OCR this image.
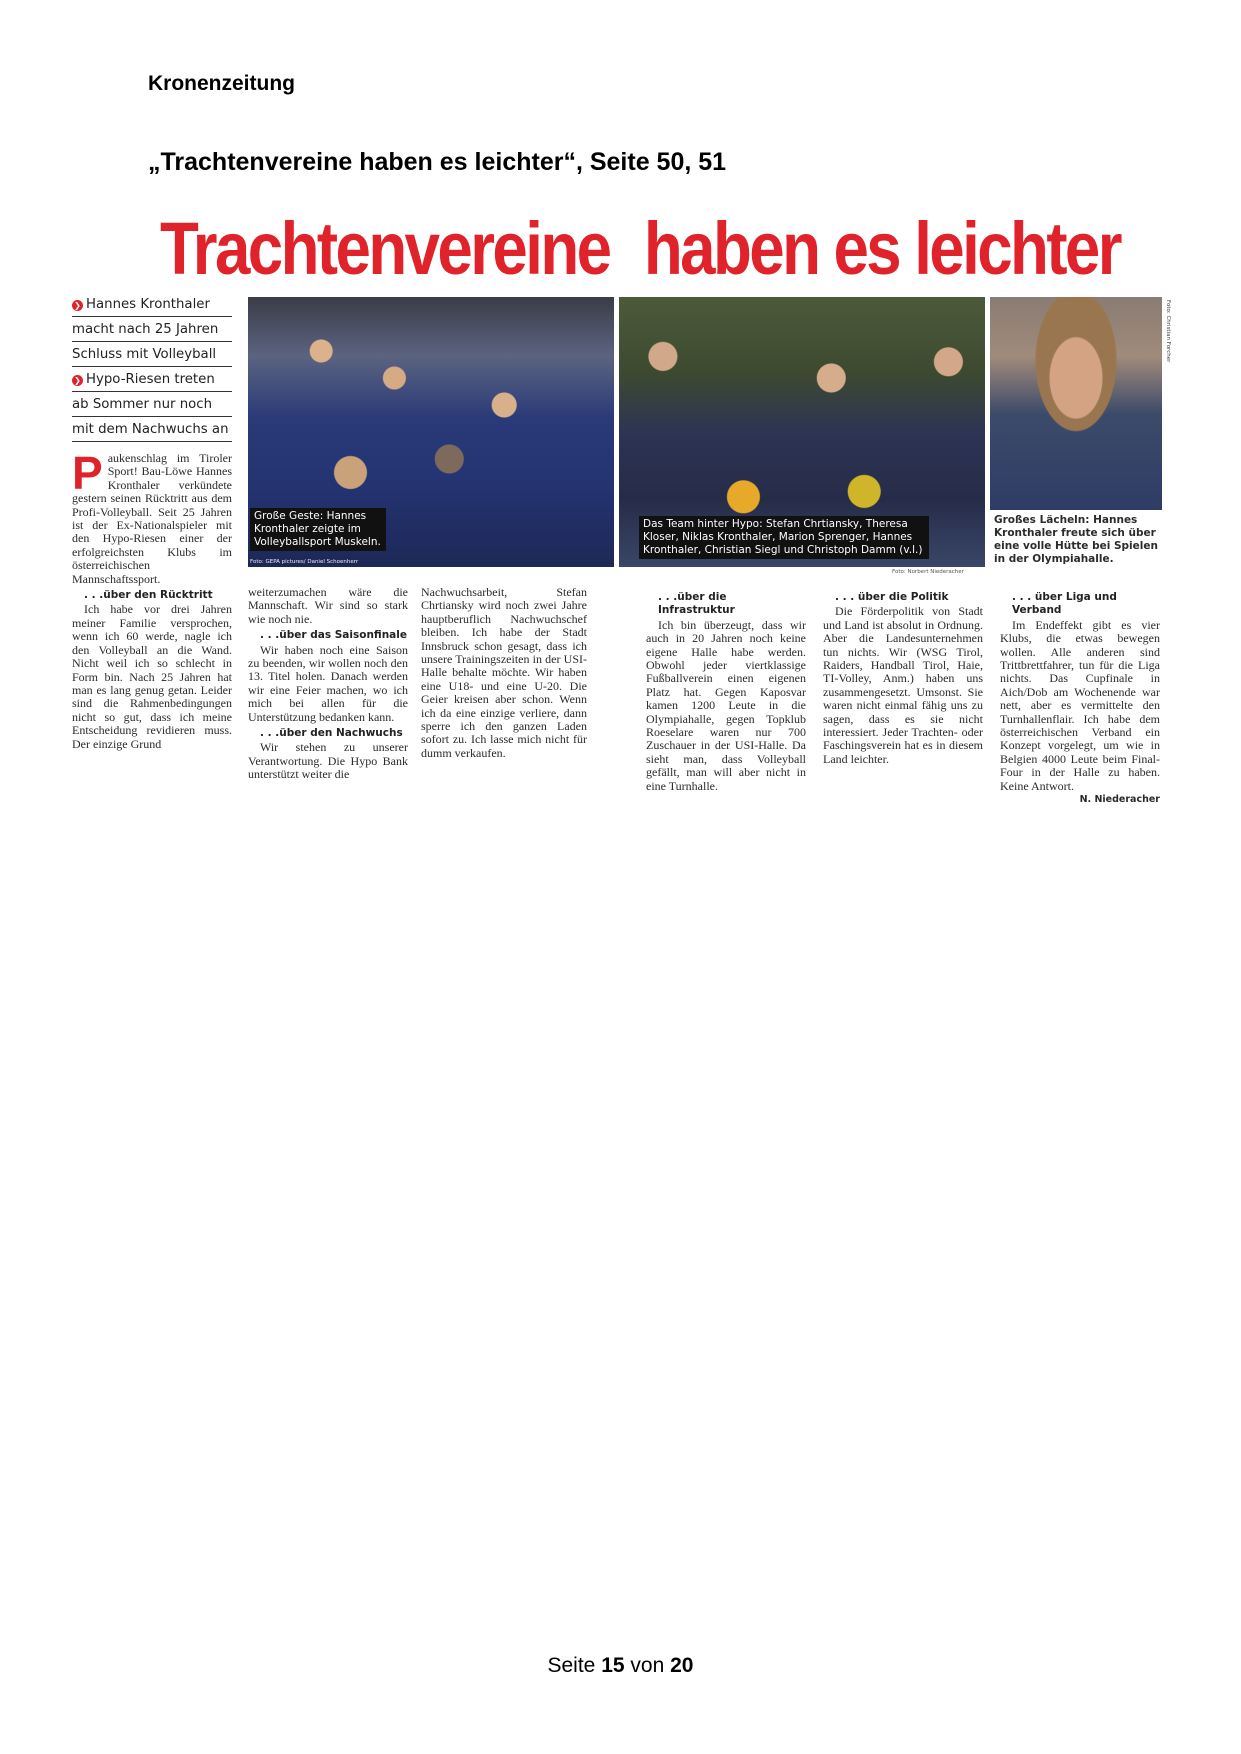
Kronenzeitung
„Trachtenvereine haben es leichter“, Seite 50, 51
Trachtenvereine haben es leichter
❯ Hannes Kronthaler
macht nach 25 Jahren
Schluss mit Volleyball
❯ Hypo-Riesen treten
ab Sommer nur noch
mit dem Nachwuchs an

Paukenschlag im Tiroler Sport! Bau-Löwe Hannes Kronthaler verkündete gestern seinen Rücktritt aus dem Profi-Volleyball. Seit 25 Jahren ist der Ex-Nationalspieler mit den Hypo-Riesen einer der erfolgreichsten Klubs im österreichischen Mannschaftssport.

. . .über den Rücktritt

Ich habe vor drei Jahren meiner Familie versprochen, wenn ich 60 werde, nagle ich den Volleyball an die Wand. Nicht weil ich so schlecht in Form bin. Nach 25 Jahren hat man es lang genug getan. Leider sind die Rahmenbedingungen nicht so gut, dass ich meine Entscheidung revidieren muss. Der einzige Grund

Große Geste: Hannes Kronthaler zeigte im Volleyballsport Muskeln.
Foto: GEPA pictures/ Daniel Schoenherr

weiterzumachen wäre die Mannschaft. Wir sind so stark wie noch nie.

. . .über das Saisonfinale

Wir haben noch eine Saison zu beenden, wir wollen noch den 13. Titel holen. Danach werden wir eine Feier machen, wo ich mich bei allen für die Unterstützung bedanken kann.

. . .über den Nachwuchs

Wir stehen zu unserer Verantwortung. Die Hypo Bank unterstützt weiter die

Nachwuchsarbeit, Stefan Chrtiansky wird noch zwei Jahre hauptberuflich Nachwuchschef bleiben. Ich habe der Stadt Innsbruck schon gesagt, dass ich unsere Trainingszeiten in der USI-Halle behalte möchte. Wir haben eine U18- und eine U-20. Die Geier kreisen aber schon. Wenn ich da eine einzige verliere, dann sperre ich den ganzen Laden sofort zu. Ich lasse mich nicht für dumm verkaufen.

Das Team hinter Hypo: Stefan Chrtiansky, Theresa Kloser, Niklas Kronthaler, Marion Sprenger, Hannes Kronthaler, Christian Siegl und Christoph Damm (v.l.)
Foto: Norbert Niederacher
Foto: Christian Forcher
Großes Lächeln: Hannes Kronthaler freute sich über eine volle Hütte bei Spielen in der Olympiahalle.
. . .über die Infrastruktur

Ich bin überzeugt, dass wir auch in 20 Jahren noch keine eigene Halle habe werden. Obwohl jeder viertklassige Fußballverein einen eigenen Platz hat. Gegen Kaposvar kamen 1200 Leute in die Olympiahalle, gegen Topklub Roeselare waren nur 700 Zuschauer in der USI-Halle. Da sieht man, dass Volleyball gefällt, man will aber nicht in eine Turnhalle.

. . . über die Politik

Die Förderpolitik von Stadt und Land ist absolut in Ordnung. Aber die Landesunternehmen tun nichts. Wir (WSG Tirol, Raiders, Handball Tirol, Haie, TI-Volley, Anm.) haben uns zusammengesetzt. Umsonst. Sie waren nicht einmal fähig uns zu sagen, dass es sie nicht interessiert. Jeder Trachten- oder Faschingsverein hat es in diesem Land leichter.

. . . über Liga und Verband

Im Endeffekt gibt es vier Klubs, die etwas bewegen wollen. Alle anderen sind Trittbrettfahrer, tun für die Liga nichts. Das Cupfinale in Aich/Dob am Wochenende war nett, aber es vermittelte den Turnhallenflair. Ich habe dem österreichischen Verband ein Konzept vorgelegt, um wie in Belgien 4000 Leute beim Final-Four in der Halle zu haben. Keine Antwort.
N. Niederacher

Seite 15 von 20
